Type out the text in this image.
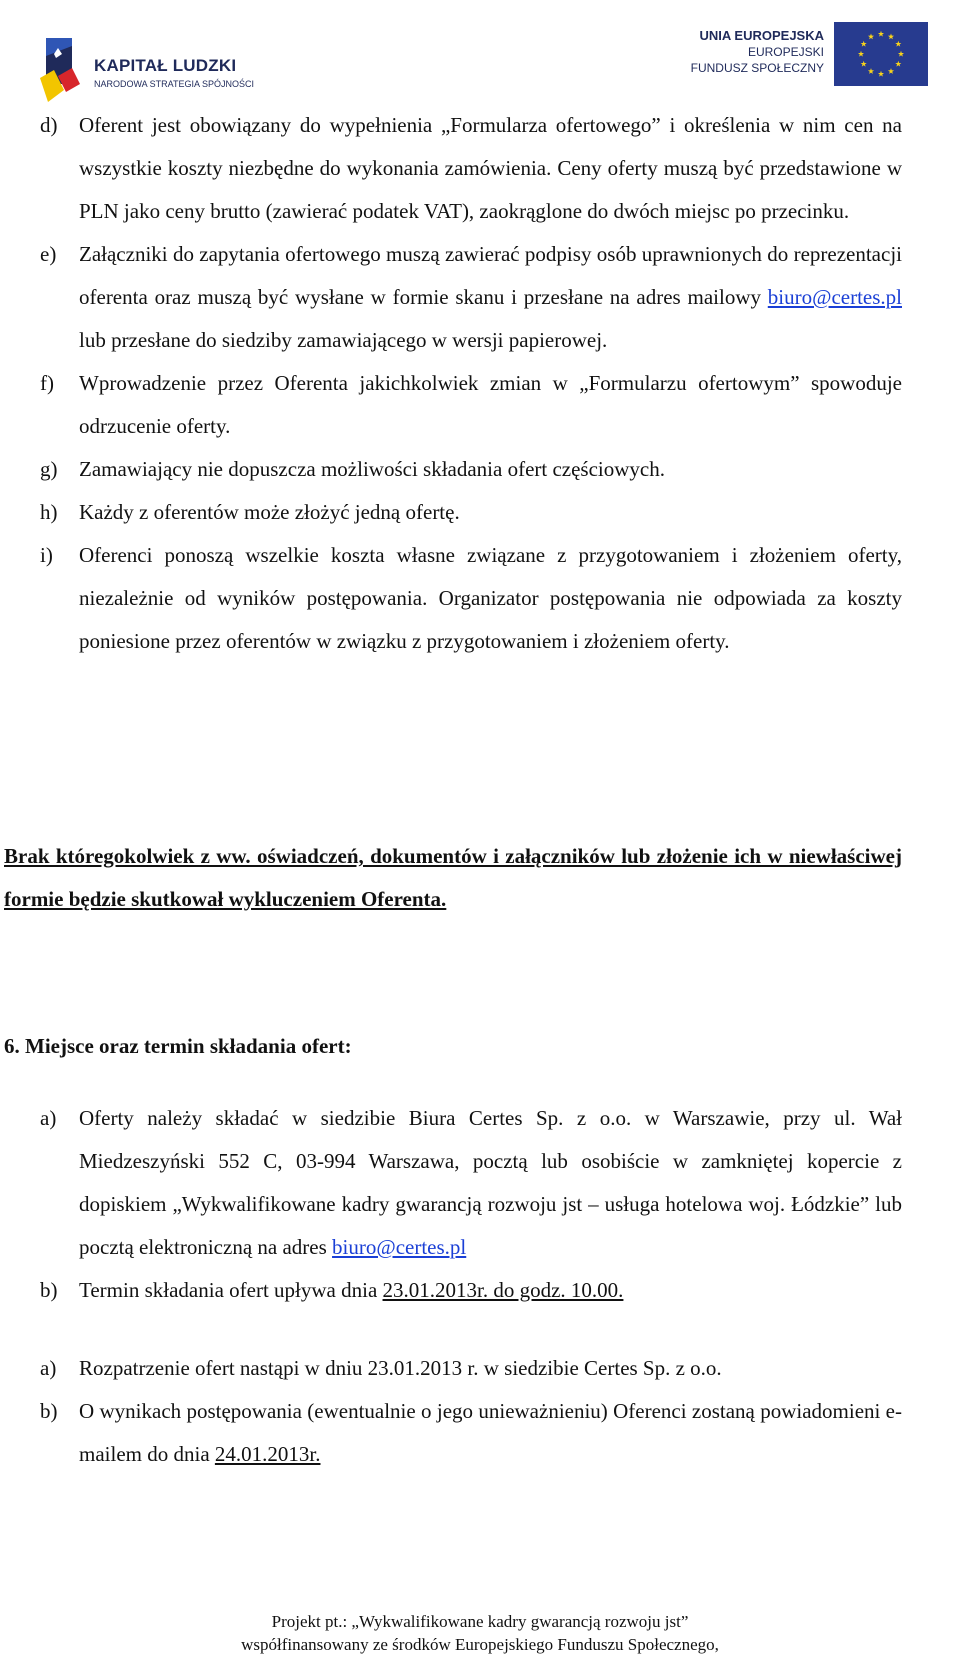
KAPITAŁ LUDZKI
NARODOWA STRATEGIA SPÓJNOŚCI
UNIA EUROPEJSKA
EUROPEJSKI
FUNDUSZ SPOŁECZNY
d) Oferent jest obowiązany do wypełnienia „Formularza ofertowego” i określenia w nim cen na wszystkie koszty niezbędne do wykonania zamówienia. Ceny oferty muszą być przedstawione w PLN jako ceny brutto (zawierać podatek VAT), zaokrąglone do dwóch miejsc po przecinku.
e) Załączniki do zapytania ofertowego muszą zawierać podpisy osób uprawnionych do reprezentacji oferenta oraz muszą być wysłane w formie skanu i przesłane na adres mailowy biuro@certes.pl lub przesłane do siedziby zamawiającego w wersji papierowej.
f) Wprowadzenie przez Oferenta jakichkolwiek zmian w „Formularzu ofertowym” spowoduje odrzucenie oferty.
g) Zamawiający nie dopuszcza możliwości składania ofert częściowych.
h) Każdy z oferentów może złożyć jedną ofertę.
i) Oferenci ponoszą wszelkie koszta własne związane z przygotowaniem i złożeniem oferty, niezależnie od wyników postępowania. Organizator postępowania nie odpowiada za koszty poniesione przez oferentów w związku z przygotowaniem i złożeniem oferty.
Brak któregokolwiek z ww. oświadczeń, dokumentów i załączników lub złożenie ich w niewłaściwej formie będzie skutkował wykluczeniem Oferenta.
6. Miejsce oraz termin składania ofert:
a) Oferty należy składać w siedzibie Biura Certes Sp. z o.o. w Warszawie, przy ul. Wał Miedzeszyński 552 C, 03-994 Warszawa, pocztą lub osobiście w zamkniętej kopercie z dopiskiem „Wykwalifikowane kadry gwarancją rozwoju jst – usługa hotelowa woj. Łódzkie” lub pocztą elektroniczną na adres biuro@certes.pl
b) Termin składania ofert upływa dnia 23.01.2013r. do godz. 10.00.
a) Rozpatrzenie ofert nastąpi w dniu 23.01.2013 r. w siedzibie Certes Sp. z o.o.
b) O wynikach postępowania (ewentualnie o jego unieważnieniu) Oferenci zostaną powiadomieni e-mailem do dnia 24.01.2013r.
Projekt pt.: „Wykwalifikowane kadry gwarancją rozwoju jst”
współfinansowany ze środków Europejskiego Funduszu Społecznego,
